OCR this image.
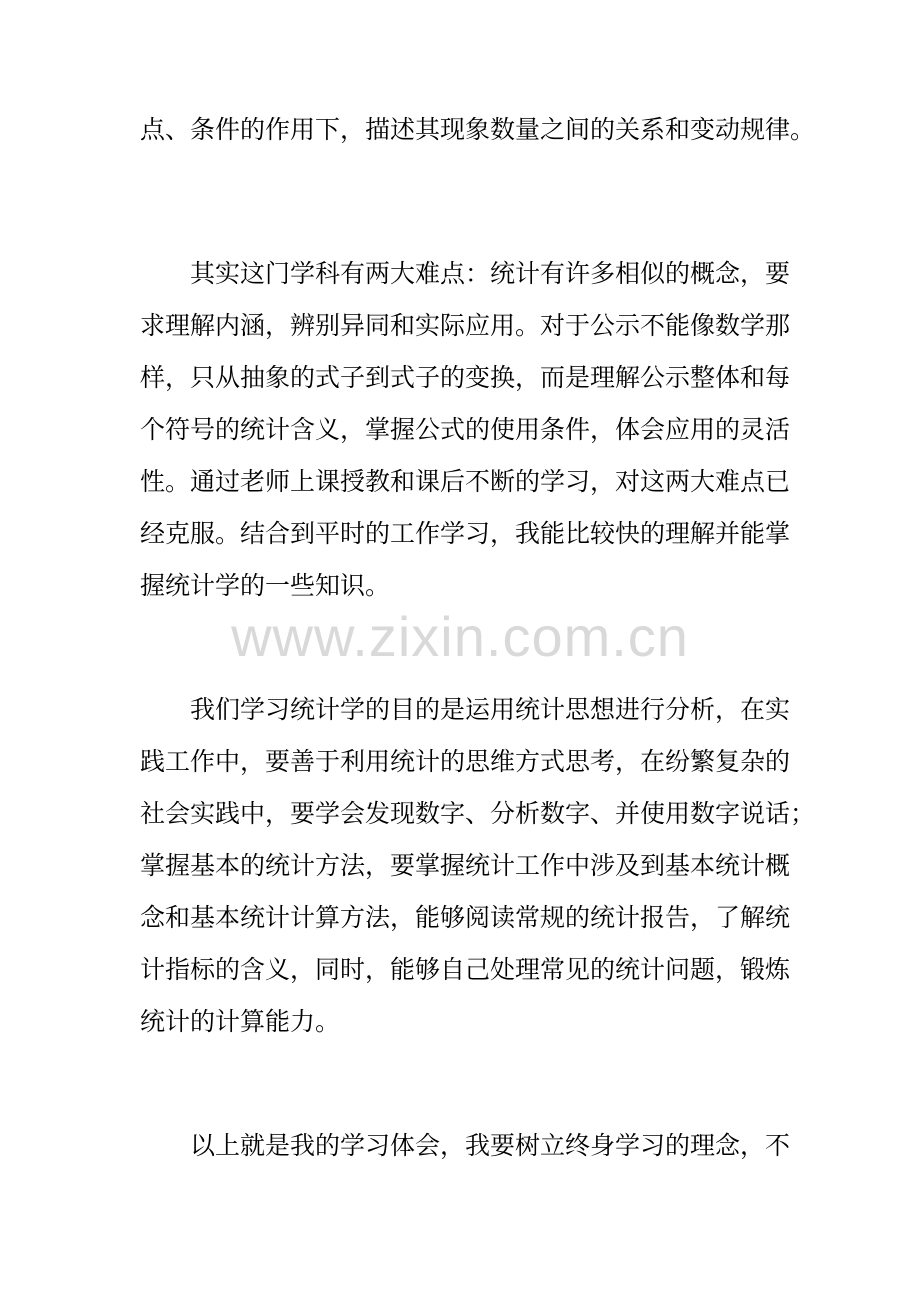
点、条件的作用下，描述其现象数量之间的关系和变动规律。
　　其实这门学科有两大难点：统计有许多相似的概念，要
求理解内涵，辨别异同和实际应用。对于公示不能像数学那
样，只从抽象的式子到式子的变换，而是理解公示整体和每
个符号的统计含义，掌握公式的使用条件，体会应用的灵活
性。通过老师上课授教和课后不断的学习，对这两大难点已
经克服。结合到平时的工作学习，我能比较快的理解并能掌
握统计学的一些知识。
www.zixin.com.cn
　　我们学习统计学的目的是运用统计思想进行分析，在实
践工作中，要善于利用统计的思维方式思考，在纷繁复杂的
社会实践中，要学会发现数字、分析数字、并使用数字说话；
掌握基本的统计方法，要掌握统计工作中涉及到基本统计概
念和基本统计计算方法，能够阅读常规的统计报告，了解统
计指标的含义，同时，能够自己处理常见的统计问题，锻炼
统计的计算能力。
　　以上就是我的学习体会，我要树立终身学习的理念，不
